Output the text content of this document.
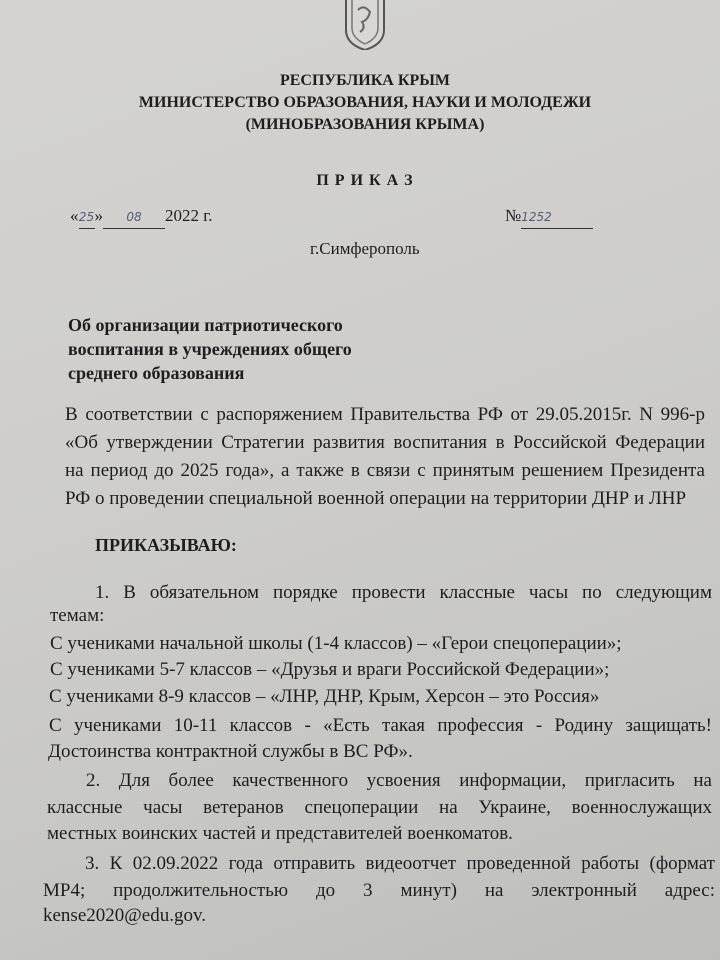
РЕСПУБЛИКА КРЫМ
МИНИСТЕРСТВО ОБРАЗОВАНИЯ, НАУКИ И МОЛОДЕЖИ
(МИНОБРАЗОВАНИЯ КРЫМА)
П Р И К А З
«25» 08 2022 г.	№1252
г.Симферополь
Об организации патриотического
воспитания в учреждениях общего
среднего образования
В соответствии с распоряжением Правительства РФ от 29.05.2015г. N 996-р
«Об утверждении Стратегии развития воспитания в Российской Федерации
на период до 2025 года», а также в связи с принятым решением Президента
РФ о проведении специальной военной операции на территории ДНР и ЛНР
ПРИКАЗЫВАЮ:
1. В обязательном порядке провести классные часы по следующим
темам:
С учениками начальной школы (1-4 классов) – «Герои спецоперации»;
С учениками 5-7 классов – «Друзья и враги Российской Федерации»;
С учениками 8-9 классов – «ЛНР, ДНР, Крым, Херсон – это Россия»
С учениками 10-11 классов - «Есть такая профессия - Родину защищать!
Достоинства контрактной службы в ВС РФ».
2. Для более качественного усвоения информации, пригласить на
классные часы ветеранов спецоперации на Украине, военнослужащих
местных воинских частей и представителей военкоматов.
3. К 02.09.2022 года отправить видеоотчет проведенной работы (формат
MP4; продолжительностью до 3 минут) на электронный адрес:
kense2020@edu.gov.
